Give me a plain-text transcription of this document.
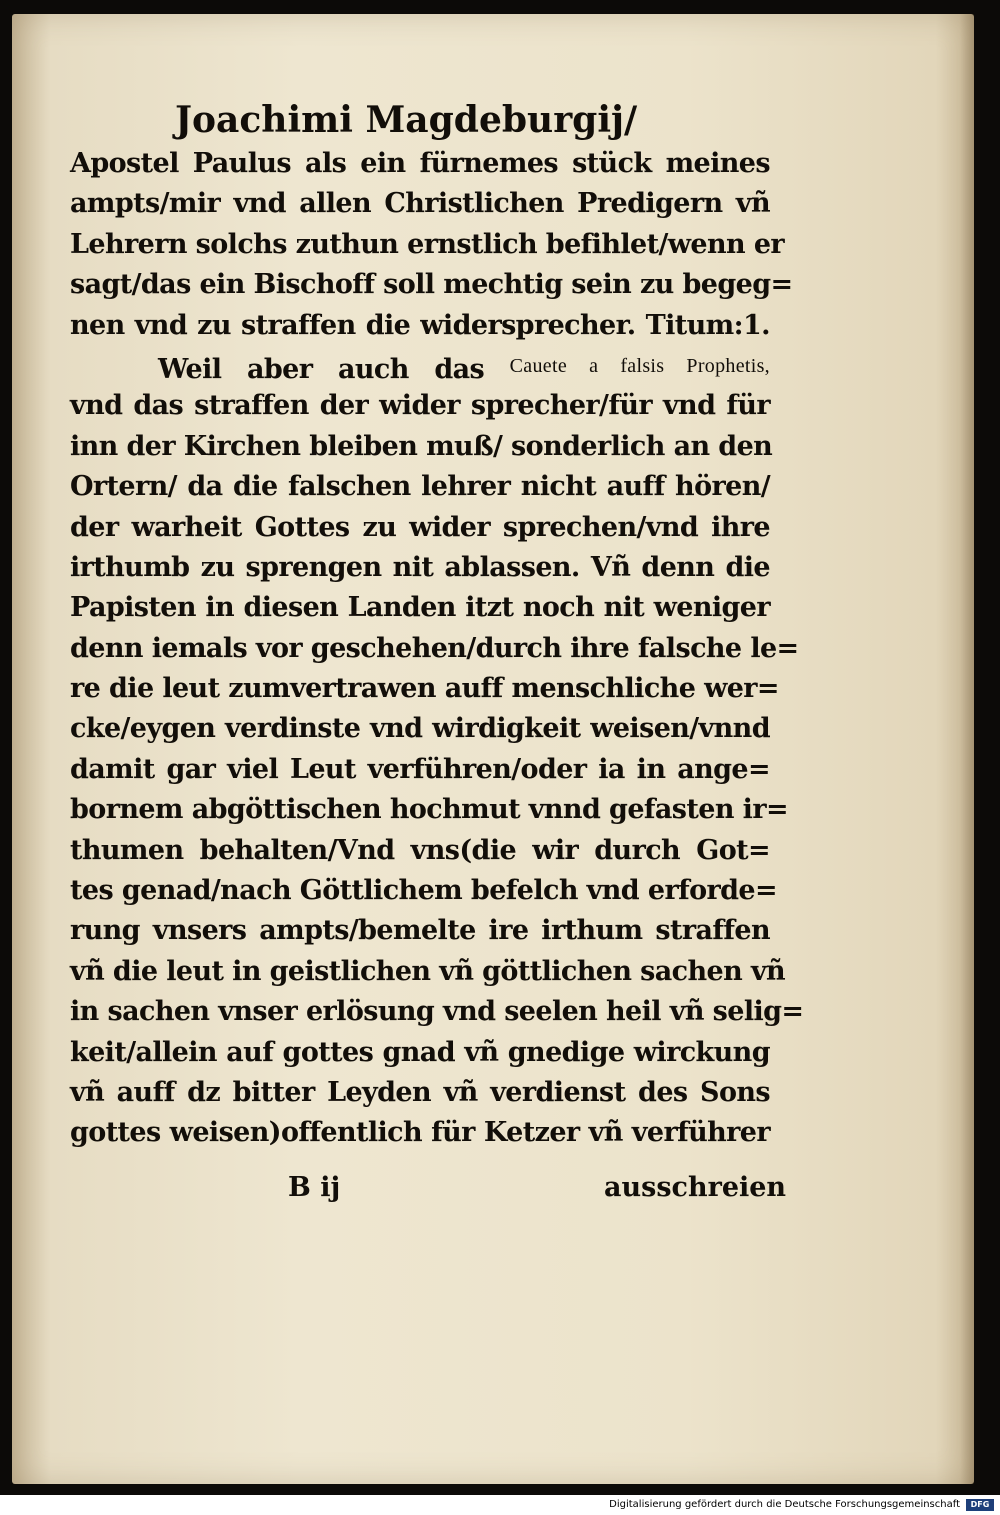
Joachimi Magdeburgij/
Apostel Paulus als ein fürnemes stück meines
ampts/mir vnd allen Christlichen Predigern vñ
Lehrern solchs zuthun ernstlich befihlet/wenn er
sagt/das ein Bischoff soll mechtig sein zu begeg=
nen vnd zu straffen die widersprecher. Titum:1.
Weil aber auch das $^{Cauete a falsis Prophetis,}$
vnd das straffen der wider sprecher/für vnd für
inn der Kirchen bleiben muß/ sonderlich an den
Ortern/ da die falschen lehrer nicht auff hören/
der warheit Gottes zu wider sprechen/vnd ihre
irthumb zu sprengen nit ablassen. Vñ denn die
Papisten in diesen Landen itzt noch nit weniger
denn iemals vor geschehen/durch ihre falsche le=
re die leut zumvertrawen auff menschliche wer=
cke/eygen verdinste vnd wirdigkeit weisen/vnnd
damit gar viel Leut verführen/oder ia in ange=
bornem abgöttischen hochmut vnnd gefasten ir=
thumen behalten/Vnd vns(die wir durch Got=
tes genad/nach Göttlichem befelch vnd erforde=
rung vnsers ampts/bemelte ire irthum straffen
vñ die leut in geistlichen vñ göttlichen sachen vñ
in sachen vnser erlösung vnd seelen heil vñ selig=
keit/allein auf gottes gnad vñ gnedige wirckung
vñ auff dz bitter Leyden vñ verdienst des Sons
gottes weisen)offentlich für Ketzer vñ verführer
B ij	ausschreien
Digitalisierung gefördert durch die Deutsche Forschungsgemeinschaft	DFG
